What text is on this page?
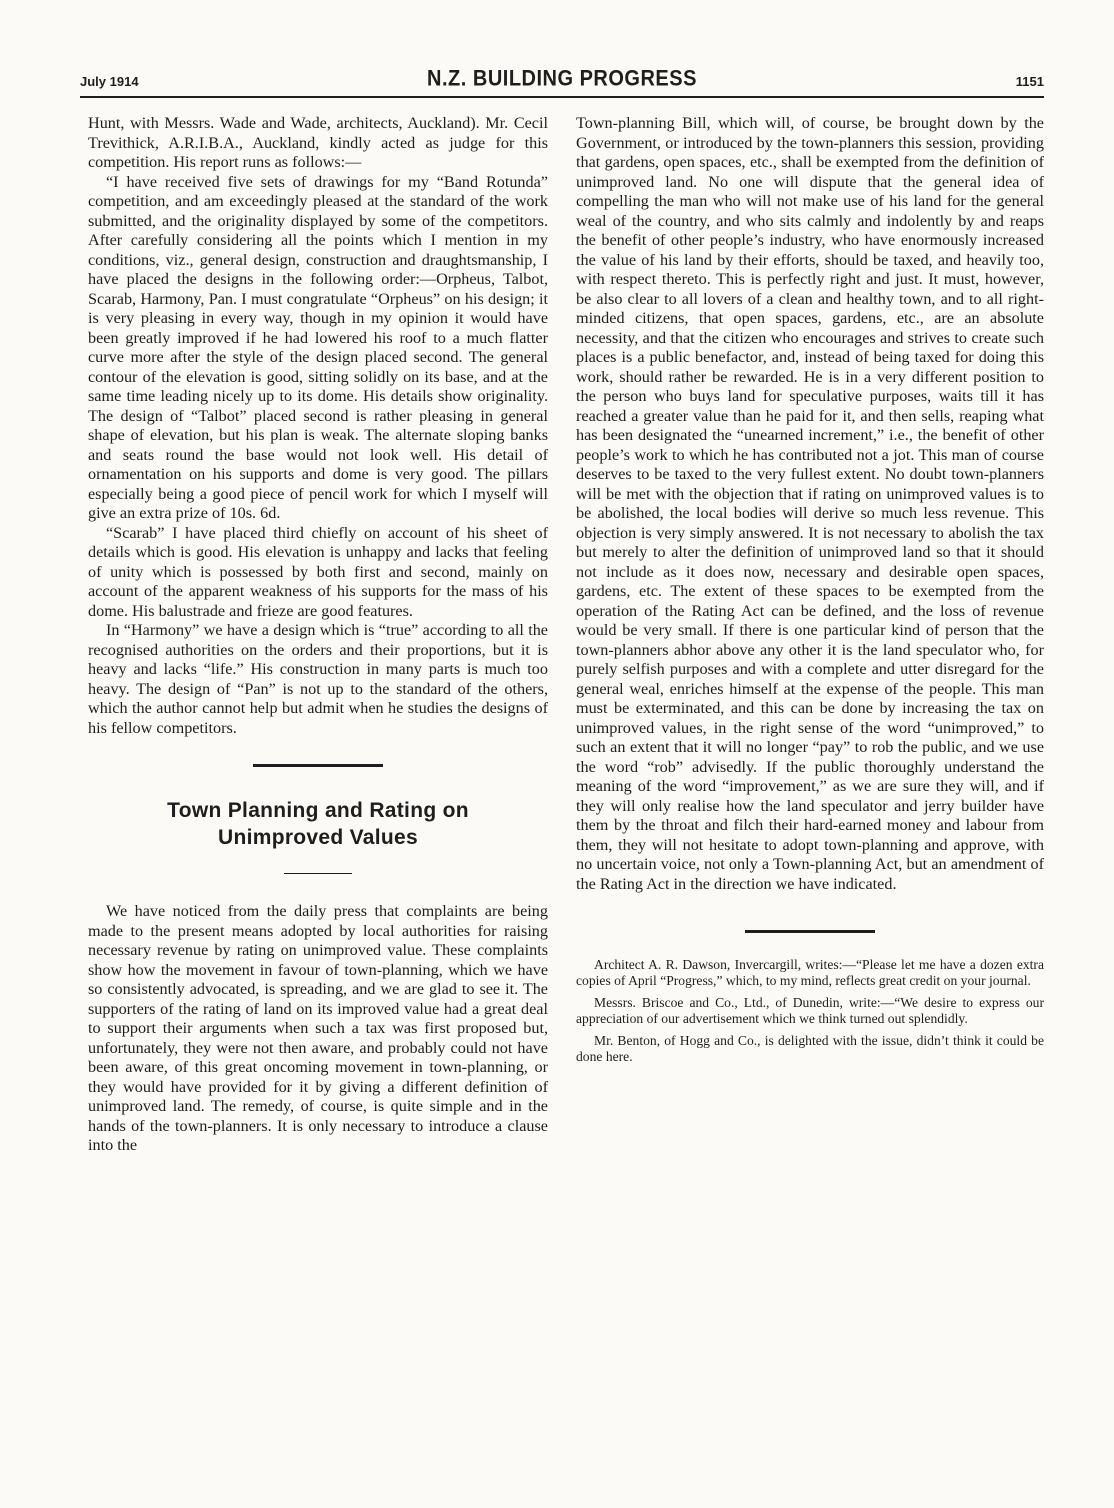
July 1914	N.Z. BUILDING PROGRESS	1151

Hunt, with Messrs. Wade and Wade, architects, Auckland). Mr. Cecil Trevithick, A.R.I.B.A., Auckland, kindly acted as judge for this competition. His report runs as follows:—

“I have received five sets of drawings for my “Band Rotunda” competition, and am exceedingly pleased at the standard of the work submitted, and the originality displayed by some of the competitors. After carefully considering all the points which I mention in my conditions, viz., general design, construction and draughtsmanship, I have placed the designs in the following order:—Orpheus, Talbot, Scarab, Harmony, Pan. I must congratulate “Orpheus” on his design; it is very pleasing in every way, though in my opinion it would have been greatly improved if he had lowered his roof to a much flatter curve more after the style of the design placed second. The general contour of the elevation is good, sitting solidly on its base, and at the same time leading nicely up to its dome. His details show originality. The design of “Talbot” placed second is rather pleasing in general shape of elevation, but his plan is weak. The alternate sloping banks and seats round the base would not look well. His detail of ornamentation on his supports and dome is very good. The pillars especially being a good piece of pencil work for which I myself will give an extra prize of 10s. 6d.

“Scarab” I have placed third chiefly on account of his sheet of details which is good. His elevation is unhappy and lacks that feeling of unity which is possessed by both first and second, mainly on account of the apparent weakness of his supports for the mass of his dome. His balustrade and frieze are good features.

In “Harmony” we have a design which is “true” according to all the recognised authorities on the orders and their proportions, but it is heavy and lacks “life.” His construction in many parts is much too heavy. The design of “Pan” is not up to the standard of the others, which the author cannot help but admit when he studies the designs of his fellow competitors.

Town Planning and Rating on
Unimproved Values

We have noticed from the daily press that complaints are being made to the present means adopted by local authorities for raising necessary revenue by rating on unimproved value. These complaints show how the movement in favour of town-planning, which we have so consistently advocated, is spreading, and we are glad to see it. The supporters of the rating of land on its improved value had a great deal to support their arguments when such a tax was first proposed but, unfortunately, they were not then aware, and probably could not have been aware, of this great oncoming movement in town-planning, or they would have provided for it by giving a different definition of unimproved land. The remedy, of course, is quite simple and in the hands of the town-planners. It is only necessary to introduce a clause into the

Town-planning Bill, which will, of course, be brought down by the Government, or introduced by the town-planners this session, providing that gardens, open spaces, etc., shall be exempted from the definition of unimproved land. No one will dispute that the general idea of compelling the man who will not make use of his land for the general weal of the country, and who sits calmly and indolently by and reaps the benefit of other people’s industry, who have enormously increased the value of his land by their efforts, should be taxed, and heavily too, with respect thereto. This is perfectly right and just. It must, however, be also clear to all lovers of a clean and healthy town, and to all right-minded citizens, that open spaces, gardens, etc., are an absolute necessity, and that the citizen who encourages and strives to create such places is a public benefactor, and, instead of being taxed for doing this work, should rather be rewarded. He is in a very different position to the person who buys land for speculative purposes, waits till it has reached a greater value than he paid for it, and then sells, reaping what has been designated the “unearned increment,” i.e., the benefit of other people’s work to which he has contributed not a jot. This man of course deserves to be taxed to the very fullest extent. No doubt town-planners will be met with the objection that if rating on unimproved values is to be abolished, the local bodies will derive so much less revenue. This objection is very simply answered. It is not necessary to abolish the tax but merely to alter the definition of unimproved land so that it should not include as it does now, necessary and desirable open spaces, gardens, etc. The extent of these spaces to be exempted from the operation of the Rating Act can be defined, and the loss of revenue would be very small. If there is one particular kind of person that the town-planners abhor above any other it is the land speculator who, for purely selfish purposes and with a complete and utter disregard for the general weal, enriches himself at the expense of the people. This man must be exterminated, and this can be done by increasing the tax on unimproved values, in the right sense of the word “unimproved,” to such an extent that it will no longer “pay” to rob the public, and we use the word “rob” advisedly. If the public thoroughly understand the meaning of the word “improvement,” as we are sure they will, and if they will only realise how the land speculator and jerry builder have them by the throat and filch their hard-earned money and labour from them, they will not hesitate to adopt town-planning and approve, with no uncertain voice, not only a Town-planning Act, but an amendment of the Rating Act in the direction we have indicated.

Architect A. R. Dawson, Invercargill, writes:—“Please let me have a dozen extra copies of April “Progress,” which, to my mind, reflects great credit on your journal.

Messrs. Briscoe and Co., Ltd., of Dunedin, write:—“We desire to express our appreciation of our advertisement which we think turned out splendidly.

Mr. Benton, of Hogg and Co., is delighted with the issue, didn’t think it could be done here.
